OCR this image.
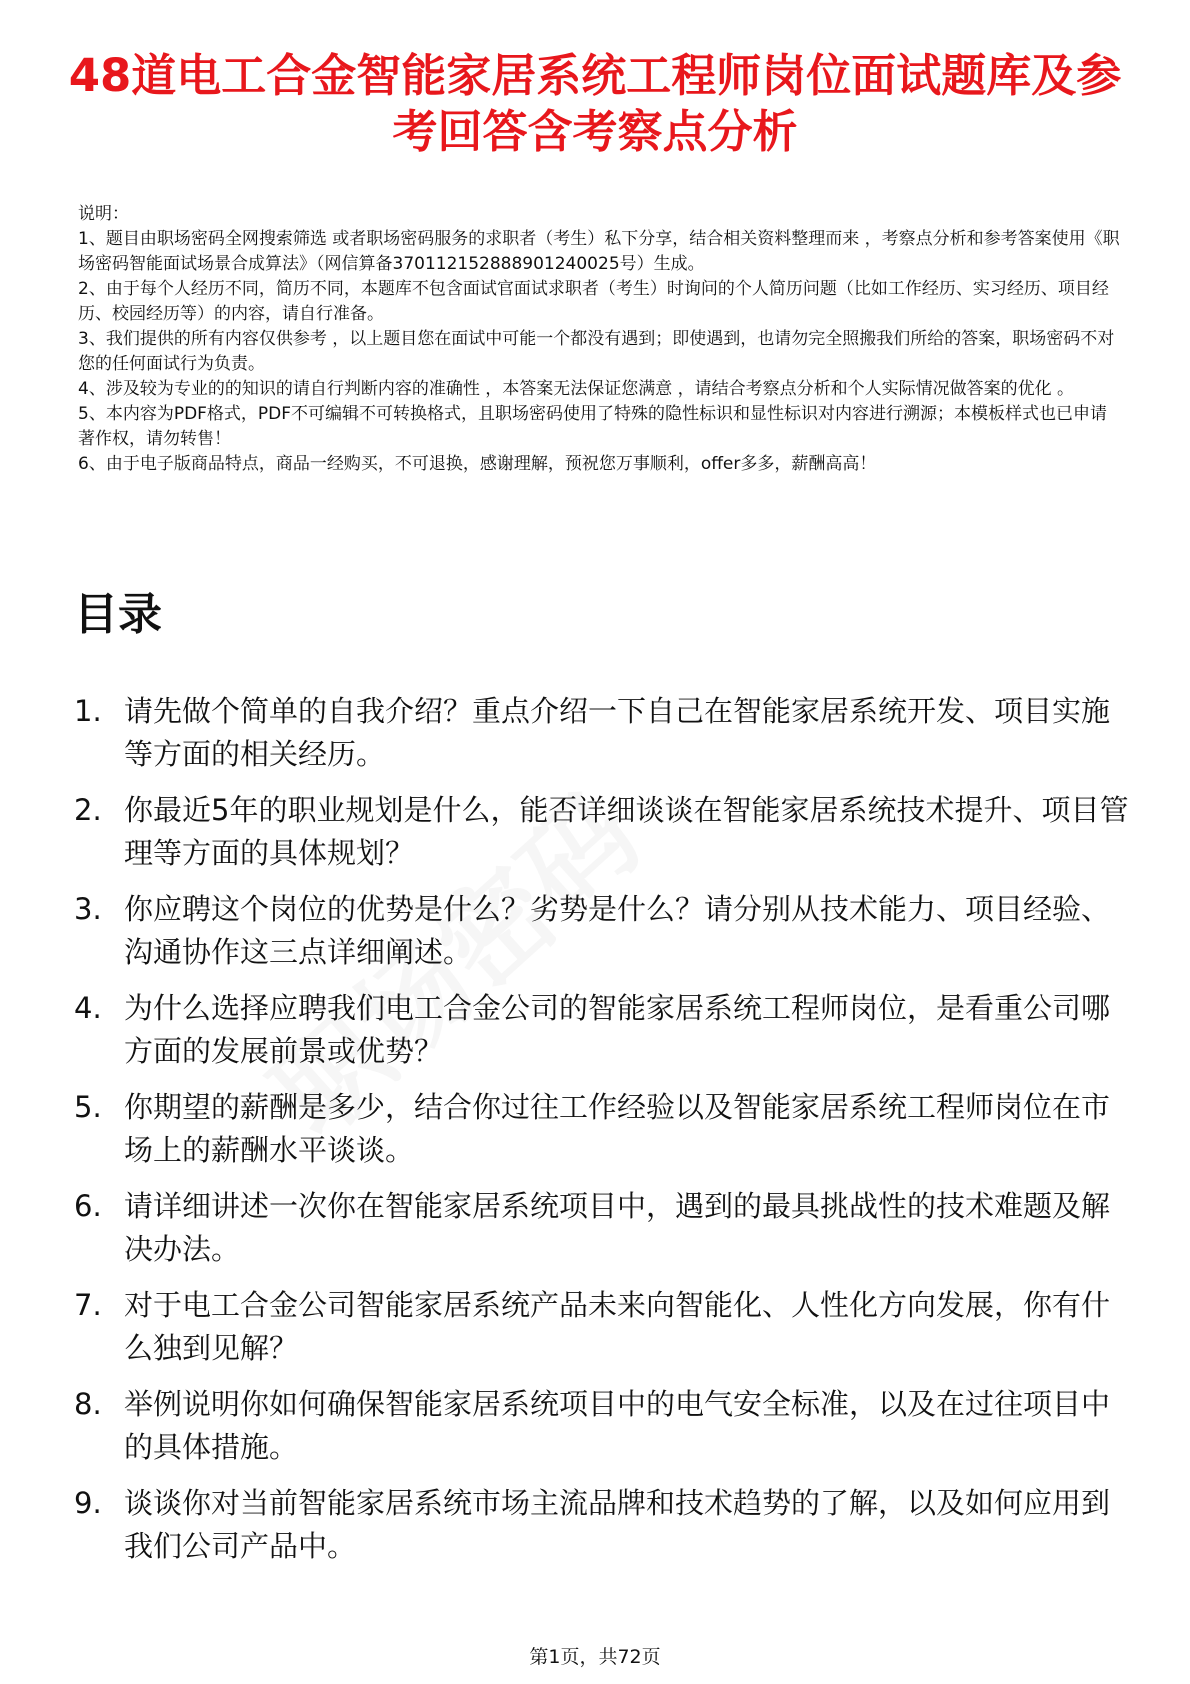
48道电工合金智能家居系统工程师岗位面试题库及参考回答含考察点分析

说明：

1、题目由职场密码全网搜索筛选 或者职场密码服务的求职者（考生）私下分享，结合相关资料整理而来 ，考察点分析和参考答案使用《职场密码智能面试场景合成算法》（网信算备370112152888901240025号）生成。

2、由于每个人经历不同，简历不同，本题库不包含面试官面试求职者（考生）时询问的个人简历问题（比如工作经历、实习经历、项目经历、校园经历等）的内容，请自行准备。

3、我们提供的所有内容仅供参考 ，以上题目您在面试中可能一个都没有遇到；即使遇到，也请勿完全照搬我们所给的答案，职场密码不对您的任何面试行为负责。

4、涉及较为专业的的知识的请自行判断内容的准确性 ，本答案无法保证您满意 ，请结合考察点分析和个人实际情况做答案的优化 。

5、本内容为PDF格式，PDF不可编辑不可转换格式，且职场密码使用了特殊的隐性标识和显性标识对内容进行溯源；本模板样式也已申请著作权，请勿转售！

6、由于电子版商品特点，商品一经购买，不可退换，感谢理解，预祝您万事顺利，offer多多，薪酬高高！

目录
1. 请先做个简单的自我介绍？重点介绍一下自己在智能家居系统开发、项目实施等方面的相关经历。
2. 你最近5年的职业规划是什么，能否详细谈谈在智能家居系统技术提升、项目管理等方面的具体规划？
3. 你应聘这个岗位的优势是什么？劣势是什么？请分别从技术能力、项目经验、沟通协作这三点详细阐述。
4. 为什么选择应聘我们电工合金公司的智能家居系统工程师岗位，是看重公司哪方面的发展前景或优势？
5. 你期望的薪酬是多少，结合你过往工作经验以及智能家居系统工程师岗位在市场上的薪酬水平谈谈。
6. 请详细讲述一次你在智能家居系统项目中，遇到的最具挑战性的技术难题及解决办法。
7. 对于电工合金公司智能家居系统产品未来向智能化、人性化方向发展，你有什么独到见解？
8. 举例说明你如何确保智能家居系统项目中的电气安全标准，以及在过往项目中的具体措施。
9. 谈谈你对当前智能家居系统市场主流品牌和技术趋势的了解，以及如何应用到我们公司产品中。
第1页，共72页
